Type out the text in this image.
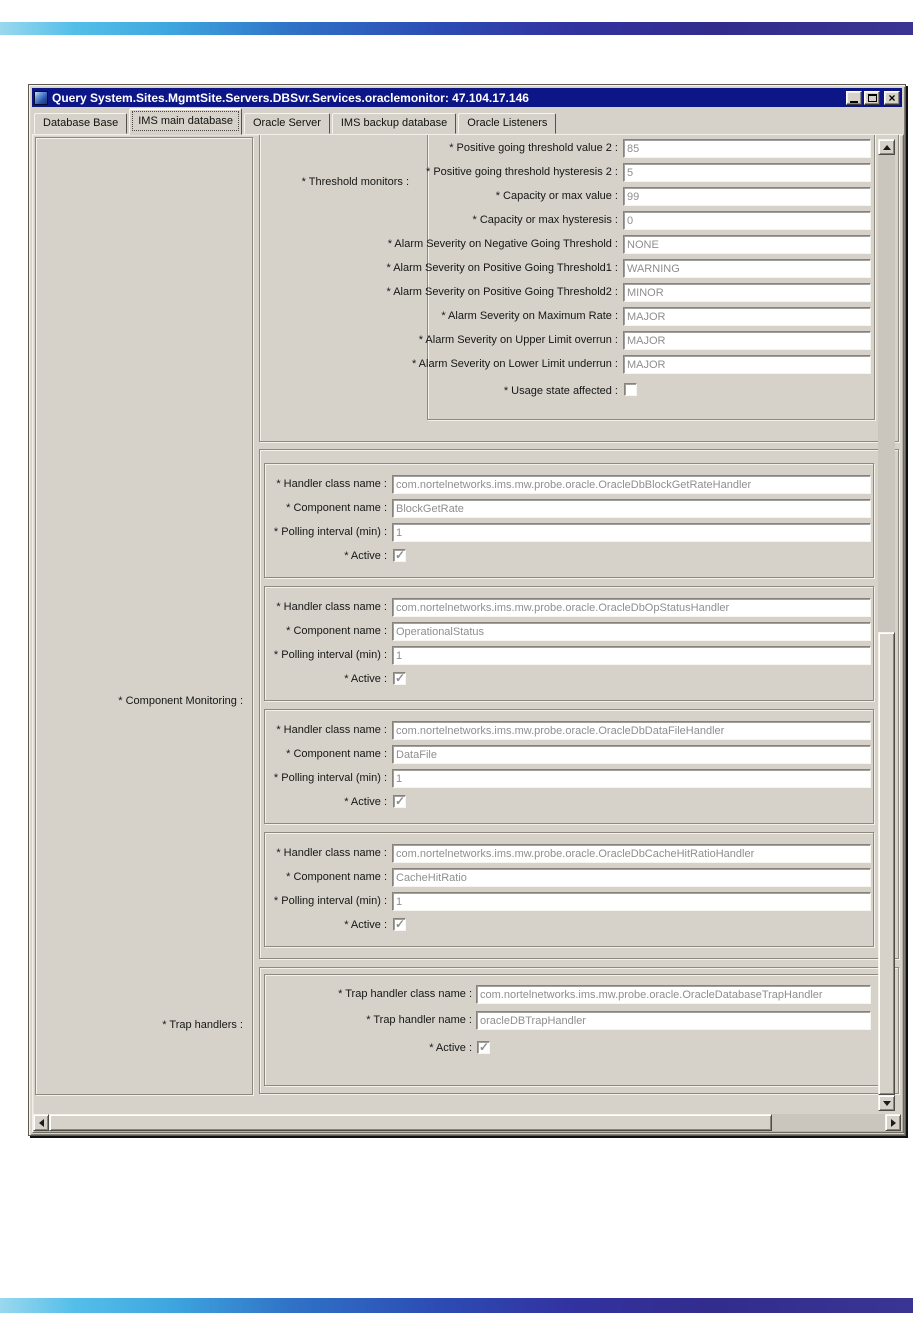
Query System.Sites.MgmtSite.Servers.DBSvr.Services.oraclemonitor: 47.104.17.146	×
Database Base	IMS main database	Oracle Server	IMS backup database	Oracle Listeners
* Threshold monitors :
* Component Monitoring :
* Trap handlers :
* Positive going threshold value 2 :
85
* Positive going threshold hysteresis 2 :
5
* Capacity or max value :
99
* Capacity or max hysteresis :
0
* Alarm Severity on Negative Going Threshold :
NONE
* Alarm Severity on Positive Going Threshold1 :
WARNING
* Alarm Severity on Positive Going Threshold2 :
MINOR
* Alarm Severity on Maximum Rate :
MAJOR
* Alarm Severity on Upper Limit overrun :
MAJOR
* Alarm Severity on Lower Limit underrun :
MAJOR
* Usage state affected :
* Handler class name :
com.nortelnetworks.ims.mw.probe.oracle.OracleDbBlockGetRateHandler
* Component name :
BlockGetRate
* Polling interval (min) :
1
* Active :
✓
* Handler class name :
com.nortelnetworks.ims.mw.probe.oracle.OracleDbOpStatusHandler
* Component name :
OperationalStatus
* Polling interval (min) :
1
* Active :
✓
* Handler class name :
com.nortelnetworks.ims.mw.probe.oracle.OracleDbDataFileHandler
* Component name :
DataFile
* Polling interval (min) :
1
* Active :
✓
* Handler class name :
com.nortelnetworks.ims.mw.probe.oracle.OracleDbCacheHitRatioHandler
* Component name :
CacheHitRatio
* Polling interval (min) :
1
* Active :
✓
* Trap handler class name :
com.nortelnetworks.ims.mw.probe.oracle.OracleDatabaseTrapHandler
* Trap handler name :
oracleDBTrapHandler
* Active :
✓
